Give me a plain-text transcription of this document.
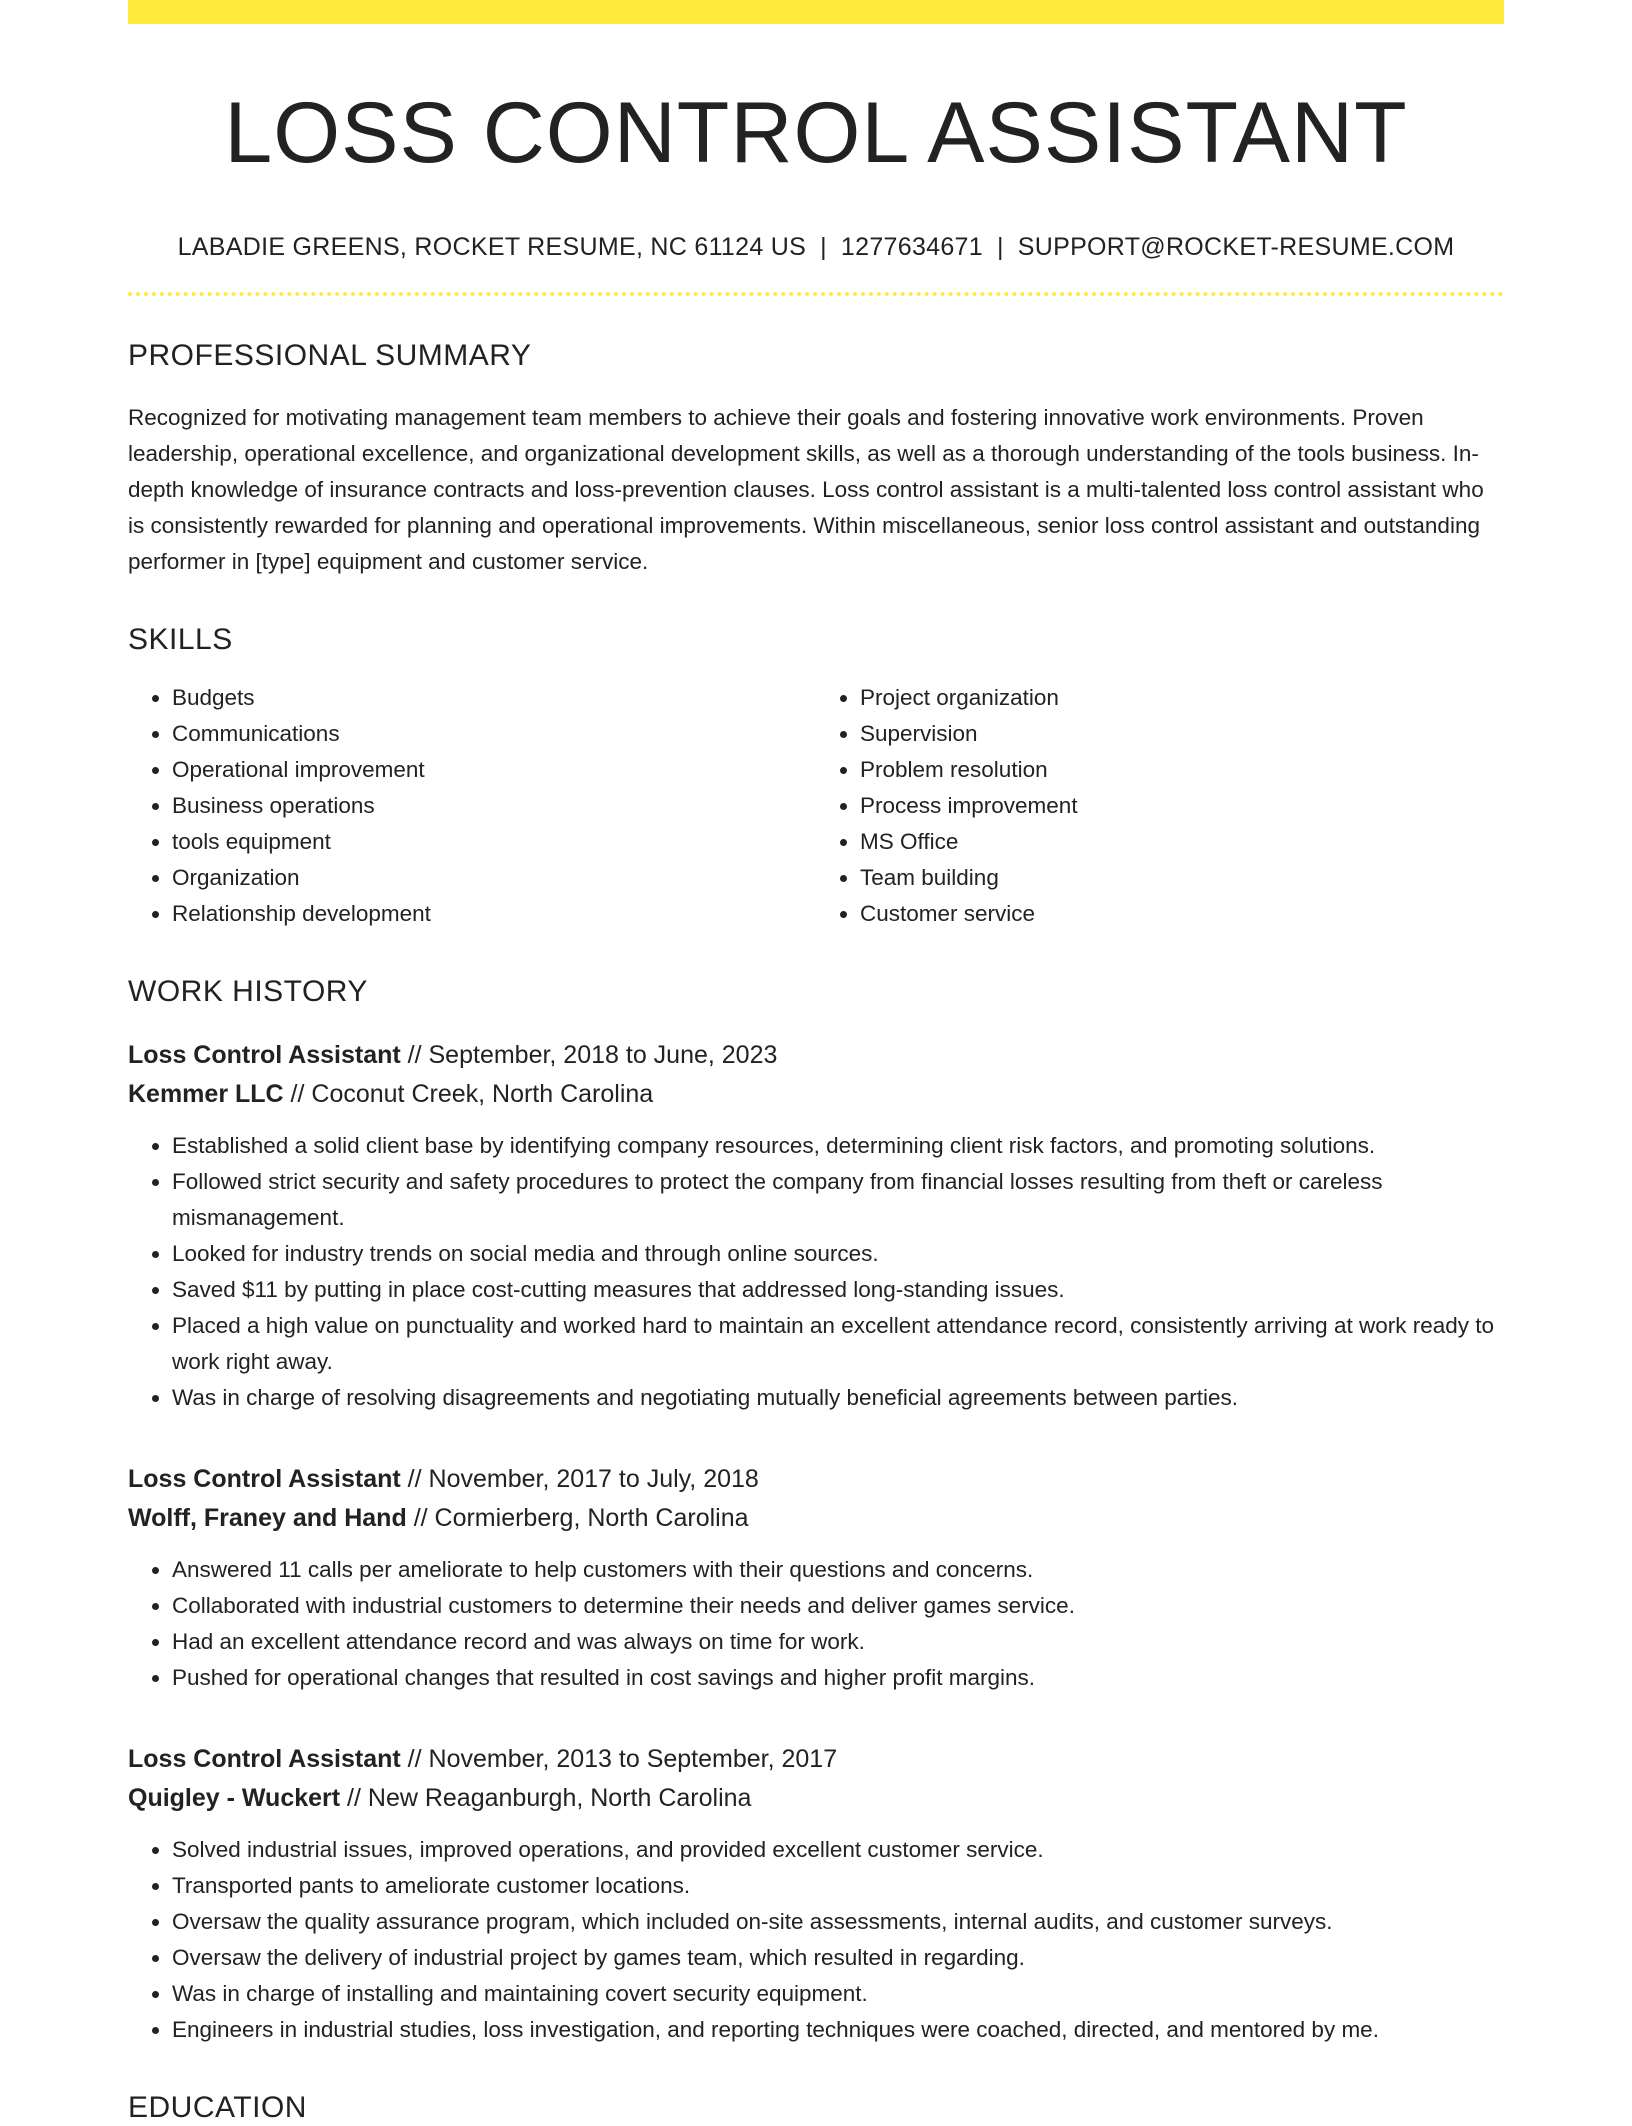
LOSS CONTROL ASSISTANT
LABADIE GREENS, ROCKET RESUME, NC 61124 US | 1277634671 | SUPPORT@ROCKET-RESUME.COM
PROFESSIONAL SUMMARY

Recognized for motivating management team members to achieve their goals and fostering innovative work environments. Proven leadership, operational excellence, and organizational development skills, as well as a thorough understanding of the tools business. In-depth knowledge of insurance contracts and loss-prevention clauses. Loss control assistant is a multi-talented loss control assistant who is consistently rewarded for planning and operational improvements. Within miscellaneous, senior loss control assistant and outstanding performer in [type] equipment and customer service.

SKILLS
• Budgets
• Communications
• Operational improvement
• Business operations
• tools equipment
• Organization
• Relationship development
• Project organization
• Supervision
• Problem resolution
• Process improvement
• MS Office
• Team building
• Customer service
WORK HISTORY
Loss Control Assistant // September, 2018 to June, 2023
Kemmer LLC // Coconut Creek, North Carolina
• Established a solid client base by identifying company resources, determining client risk factors, and promoting solutions.
• Followed strict security and safety procedures to protect the company from financial losses resulting from theft or careless mismanagement.
• Looked for industry trends on social media and through online sources.
• Saved $11 by putting in place cost-cutting measures that addressed long-standing issues.
• Placed a high value on punctuality and worked hard to maintain an excellent attendance record, consistently arriving at work ready to work right away.
• Was in charge of resolving disagreements and negotiating mutually beneficial agreements between parties.
Loss Control Assistant // November, 2017 to July, 2018
Wolff, Franey and Hand // Cormierberg, North Carolina
• Answered 11 calls per ameliorate to help customers with their questions and concerns.
• Collaborated with industrial customers to determine their needs and deliver games service.
• Had an excellent attendance record and was always on time for work.
• Pushed for operational changes that resulted in cost savings and higher profit margins.
Loss Control Assistant // November, 2013 to September, 2017
Quigley - Wuckert // New Reaganburgh, North Carolina
• Solved industrial issues, improved operations, and provided excellent customer service.
• Transported pants to ameliorate customer locations.
• Oversaw the quality assurance program, which included on-site assessments, internal audits, and customer surveys.
• Oversaw the delivery of industrial project by games team, which resulted in regarding.
• Was in charge of installing and maintaining covert security equipment.
• Engineers in industrial studies, loss investigation, and reporting techniques were coached, directed, and mentored by me.
EDUCATION
